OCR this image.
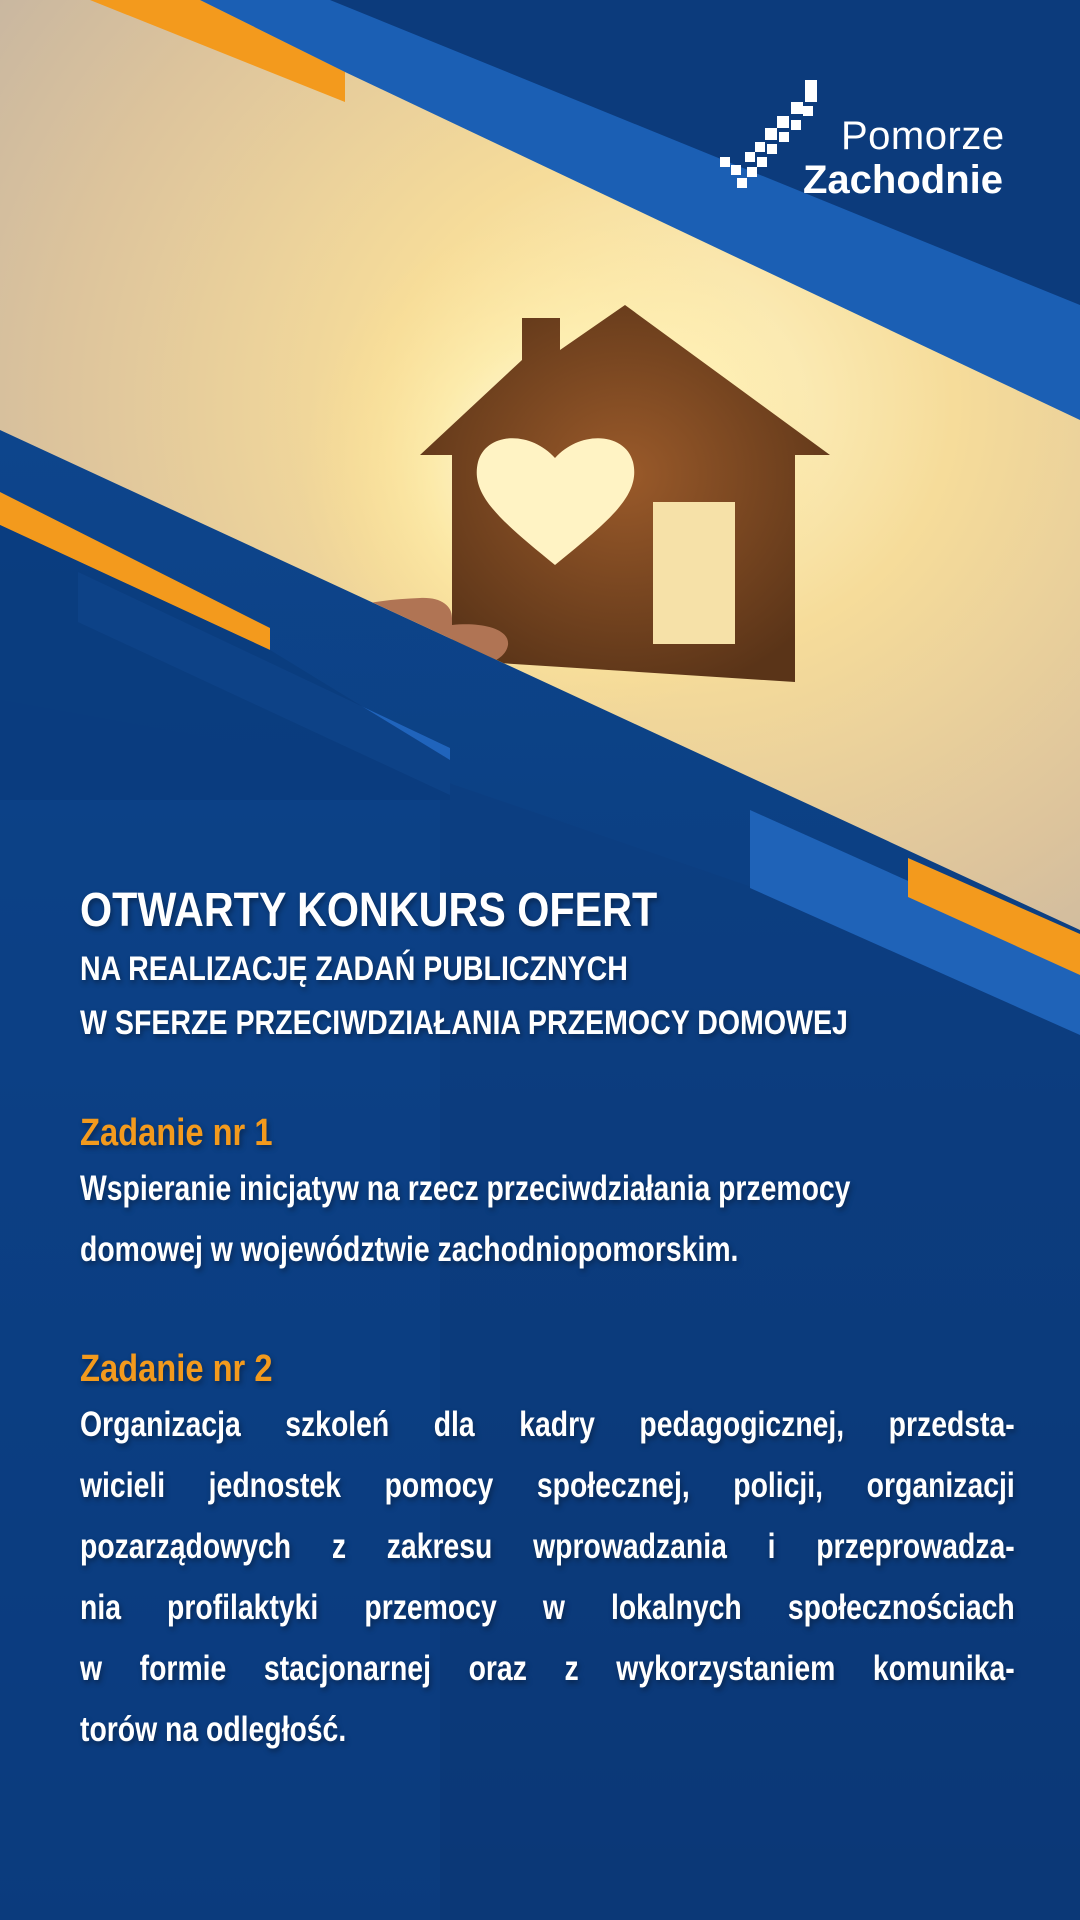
Pomorze
Zachodnie
OTWARTY KONKURS OFERT
NA REALIZACJĘ ZADAŃ PUBLICZNYCH
W SFERZE PRZECIWDZIAŁANIA PRZEMOCY DOMOWEJ
Zadanie nr 1
Wspieranie inicjatyw na rzecz przeciwdziałania przemocy
domowej w województwie zachodniopomorskim.
Zadanie nr 2
Organizacja szkoleń dla kadry pedagogicznej, przedsta-
wicieli jednostek pomocy społecznej, policji, organizacji
pozarządowych z zakresu wprowadzania i przeprowadza-
nia profilaktyki przemocy w lokalnych społecznościach
w formie stacjonarnej oraz z wykorzystaniem komunika-
torów na odległość.
